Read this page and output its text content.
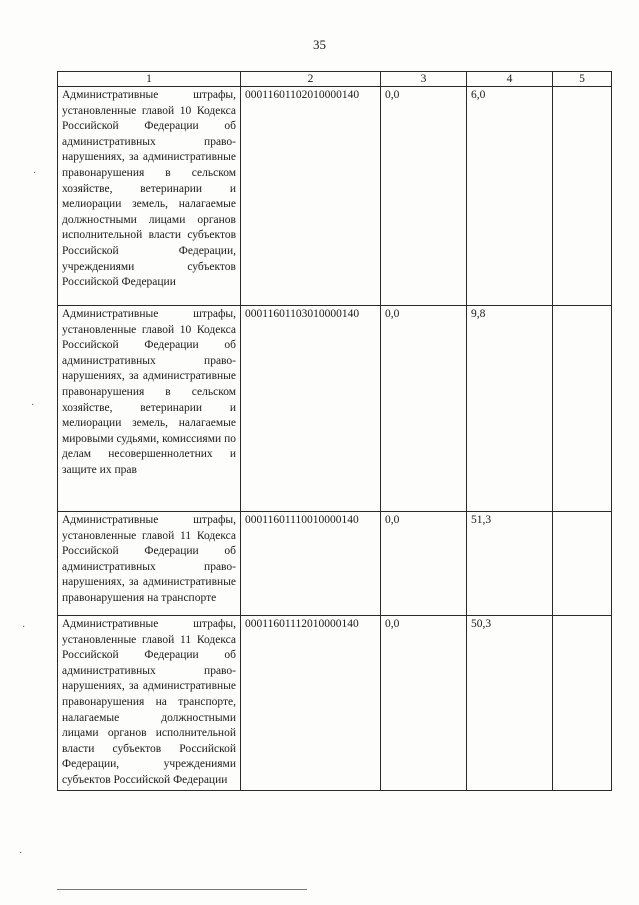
35
1	2	3	4	5
Административные штрафы, установленные главой 10 Кодекса Российской Федерации об административных правонарушениях, за административные правонарушения в сельском хозяйстве, ветеринарии и мелиорации земель, налагаемые должностными лицами органов исполнительной власти субъектов Российской Федерации, учреждениями субъектов Российской Федерации	00011601102010000140	0,0	6,0	
Административные штрафы, установленные главой 10 Кодекса Российской Федерации об административных правонарушениях, за административные правонарушения в сельском хозяйстве, ветеринарии и мелиорации земель, налагаемые мировыми судьями, комиссиями по делам несовершеннолетних и защите их прав	00011601103010000140	0,0	9,8	
Административные штрафы, установленные главой 11 Кодекса Российской Федерации об административных правонарушениях, за административные правонарушения на транспорте	00011601110010000140	0,0	51,3	
Административные штрафы, установленные главой 11 Кодекса Российской Федерации об административных правонарушениях, за административные правонарушения на транспорте, налагаемые должностными лицами органов исполнительной власти субъектов Российской Федерации, учреждениями субъектов Российской Федерации	00011601112010000140	0,0	50,3	
·
·
·
·
